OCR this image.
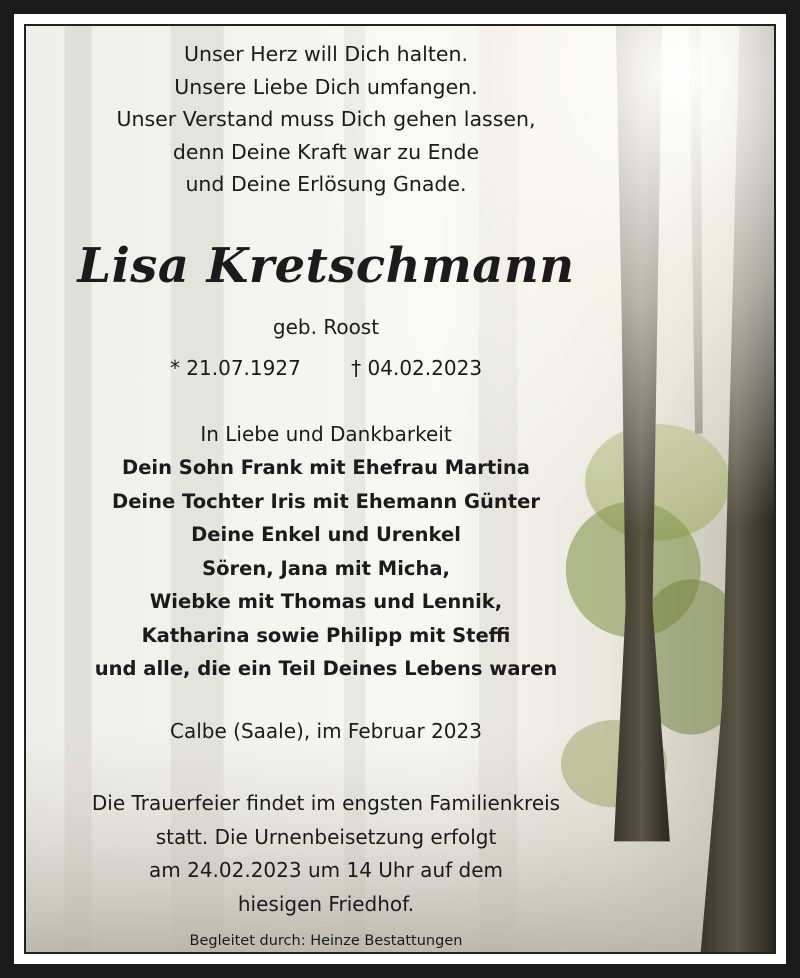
Unser Herz will Dich halten.
Unsere Liebe Dich umfangen.
Unser Verstand muss Dich gehen lassen,
denn Deine Kraft war zu Ende
und Deine Erlösung Gnade.
Lisa Kretschmann
geb. Roost
* 21.07.1927	† 04.02.2023
In Liebe und Dankbarkeit
Dein Sohn Frank mit Ehefrau Martina
Deine Tochter Iris mit Ehemann Günter
Deine Enkel und Urenkel
Sören, Jana mit Micha,
Wiebke mit Thomas und Lennik,
Katharina sowie Philipp mit Steffi
und alle, die ein Teil Deines Lebens waren
Calbe (Saale), im Februar 2023
Die Trauerfeier findet im engsten Familienkreis
statt. Die Urnenbeisetzung erfolgt
am 24.02.2023 um 14 Uhr auf dem
hiesigen Friedhof.
Begleitet durch: Heinze Bestattungen
